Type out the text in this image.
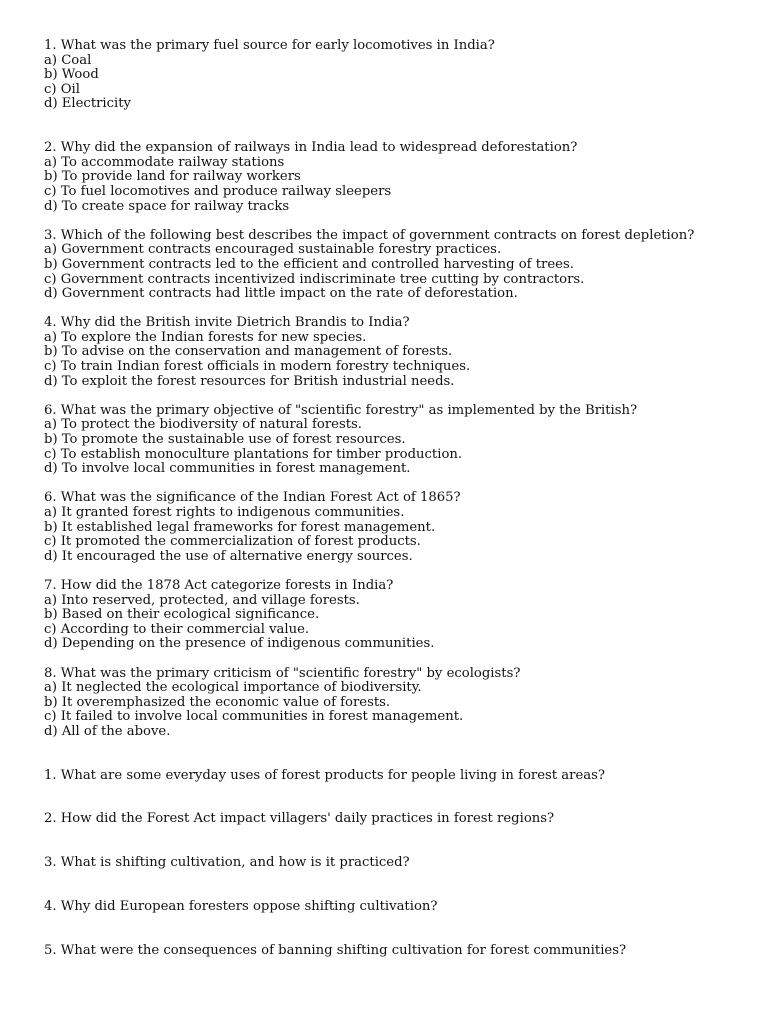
1. What was the primary fuel source for early locomotives in India?
a) Coal
b) Wood
c) Oil
d) Electricity
2. Why did the expansion of railways in India lead to widespread deforestation?
a) To accommodate railway stations
b) To provide land for railway workers
c) To fuel locomotives and produce railway sleepers
d) To create space for railway tracks
3. Which of the following best describes the impact of government contracts on forest depletion?
a) Government contracts encouraged sustainable forestry practices.
b) Government contracts led to the efficient and controlled harvesting of trees.
c) Government contracts incentivized indiscriminate tree cutting by contractors.
d) Government contracts had little impact on the rate of deforestation.
4. Why did the British invite Dietrich Brandis to India?
a) To explore the Indian forests for new species.
b) To advise on the conservation and management of forests.
c) To train Indian forest officials in modern forestry techniques.
d) To exploit the forest resources for British industrial needs.
6. What was the primary objective of "scientific forestry" as implemented by the British?
a) To protect the biodiversity of natural forests.
b) To promote the sustainable use of forest resources.
c) To establish monoculture plantations for timber production.
d) To involve local communities in forest management.
6. What was the significance of the Indian Forest Act of 1865?
a) It granted forest rights to indigenous communities.
b) It established legal frameworks for forest management.
c) It promoted the commercialization of forest products.
d) It encouraged the use of alternative energy sources.
7. How did the 1878 Act categorize forests in India?
a) Into reserved, protected, and village forests.
b) Based on their ecological significance.
c) According to their commercial value.
d) Depending on the presence of indigenous communities.
8. What was the primary criticism of "scientific forestry" by ecologists?
a) It neglected the ecological importance of biodiversity.
b) It overemphasized the economic value of forests.
c) It failed to involve local communities in forest management.
d) All of the above.
1. What are some everyday uses of forest products for people living in forest areas?
2. How did the Forest Act impact villagers' daily practices in forest regions?
3. What is shifting cultivation, and how is it practiced?
4. Why did European foresters oppose shifting cultivation?
5. What were the consequences of banning shifting cultivation for forest communities?
